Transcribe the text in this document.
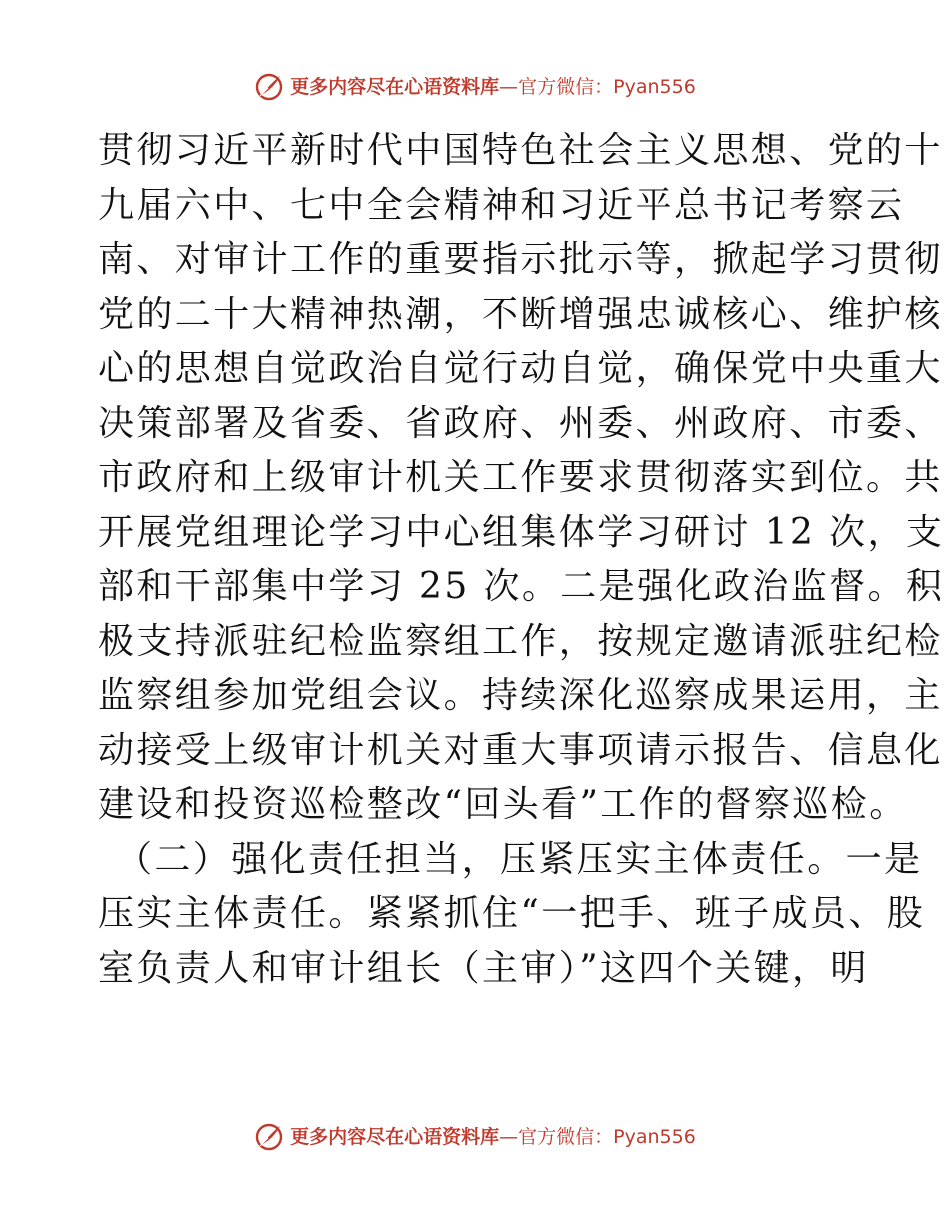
更多内容尽在心语资料库—官方微信：Pyan556
贯彻习近平新时代中国特色社会主义思想、党的十
九届六中、七中全会精神和习近平总书记考察云
南、对审计工作的重要指示批示等，掀起学习贯彻
党的二十大精神热潮，不断增强忠诚核心、维护核
心的思想自觉政治自觉行动自觉，确保党中央重大
决策部署及省委、省政府、州委、州政府、市委、
市政府和上级审计机关工作要求贯彻落实到位。共
开展党组理论学习中心组集体学习研讨 12 次，支
部和干部集中学习 25 次。二是强化政治监督。积
极支持派驻纪检监察组工作，按规定邀请派驻纪检
监察组参加党组会议。持续深化巡察成果运用，主
动接受上级审计机关对重大事项请示报告、信息化
建设和投资巡检整改“回头看”工作的督察巡检。
（二）强化责任担当，压紧压实主体责任。一是
压实主体责任。紧紧抓住“一把手、班子成员、股
室负责人和审计组长（主审）”这四个关键，明
更多内容尽在心语资料库—官方微信：Pyan556
